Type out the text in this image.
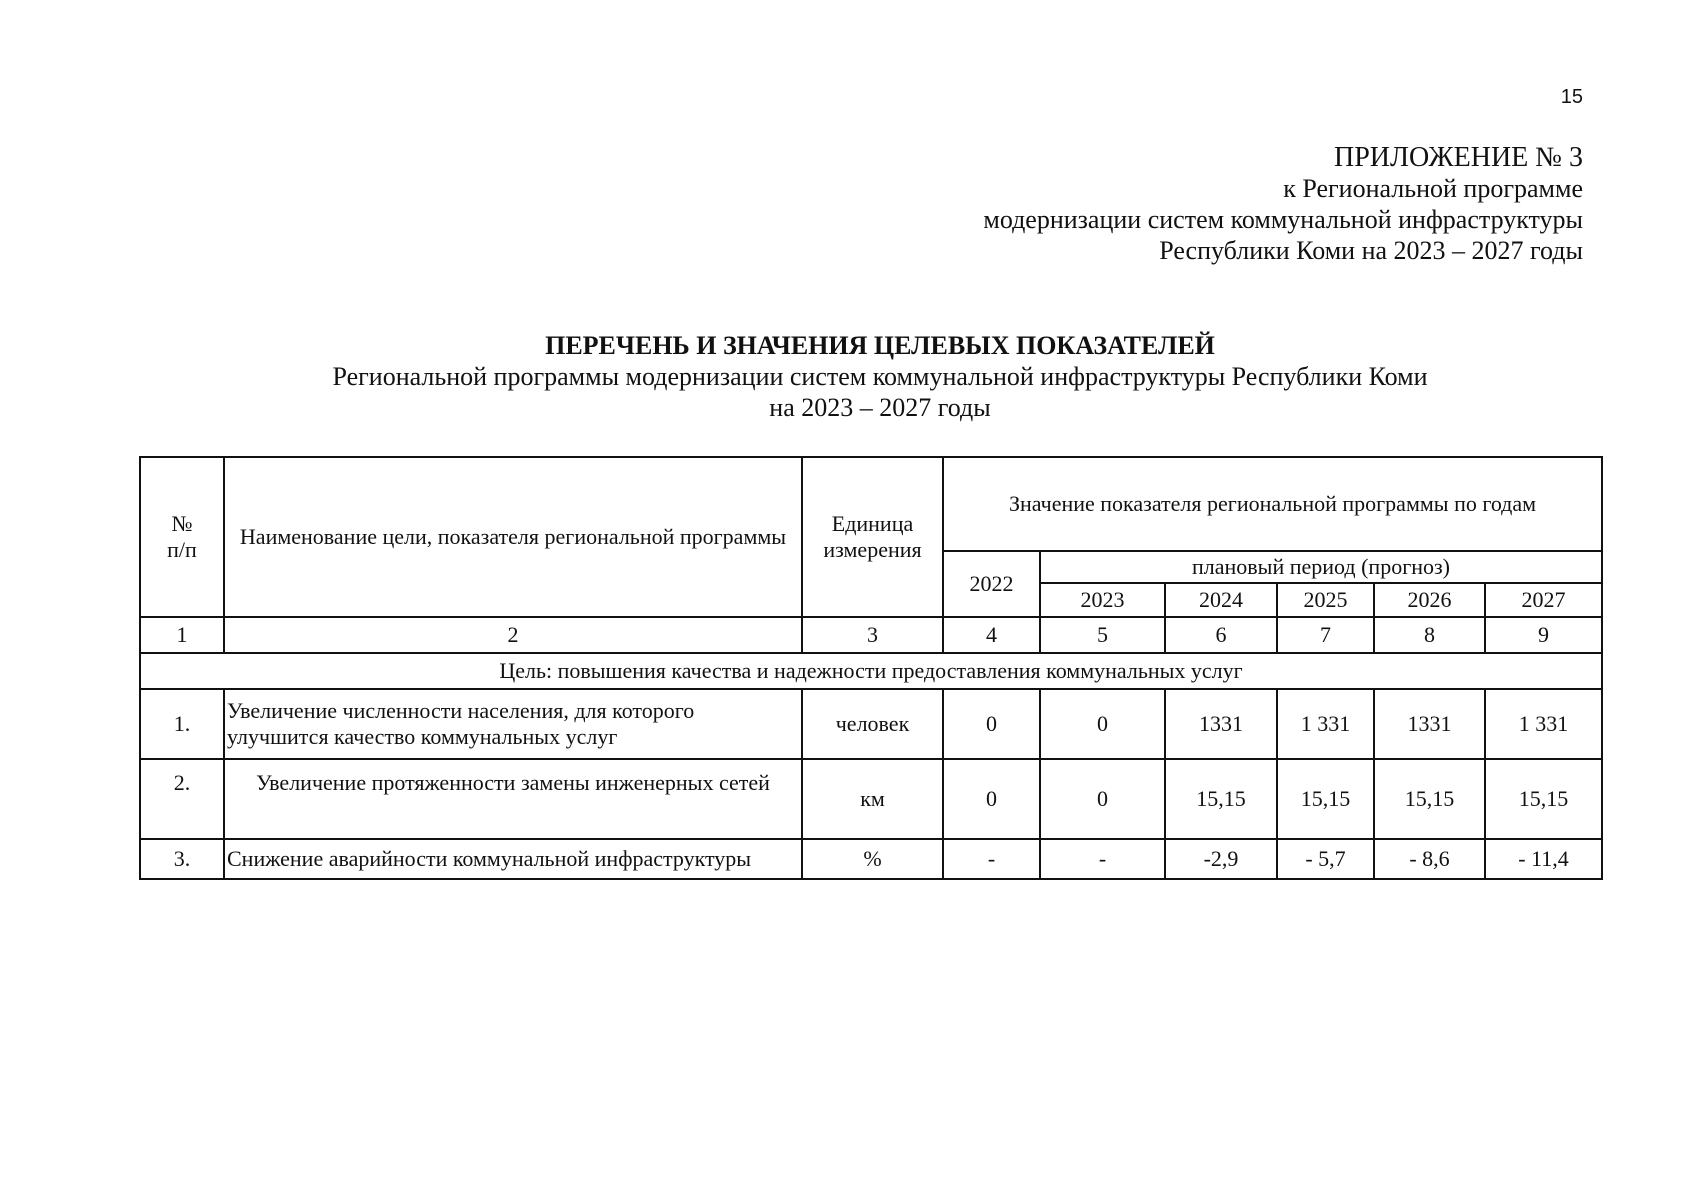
15
ПРИЛОЖЕНИЕ № 3
к Региональной программе
модернизации систем коммунальной инфраструктуры
Республики Коми на 2023 – 2027 годы
ПЕРЕЧЕНЬ И ЗНАЧЕНИЯ ЦЕЛЕВЫХ ПОКАЗАТЕЛЕЙ
Региональной программы модернизации систем коммунальной инфраструктуры Республики Коми
на 2023 – 2027 годы
№
п/п	Наименование цели, показателя региональной программы	Единица измерения	Значение показателя региональной программы по годам					
			2022	плановый период (прогноз)				
				2023	2024	2025	2026	2027
1	2	3	4	5	6	7	8	9
Цель: повышения качества и надежности предоставления коммунальных услуг								
1.	Увеличение численности населения, для которого улучшится качество коммунальных услуг	человек	0	0	1331	1 331	1331	1 331
2.	Увеличение протяженности замены инженерных сетей	км	0	0	15,15	15,15	15,15	15,15
3.	Снижение аварийности коммунальной инфраструктуры	%	-	-	-2,9	- 5,7	- 8,6	- 11,4
